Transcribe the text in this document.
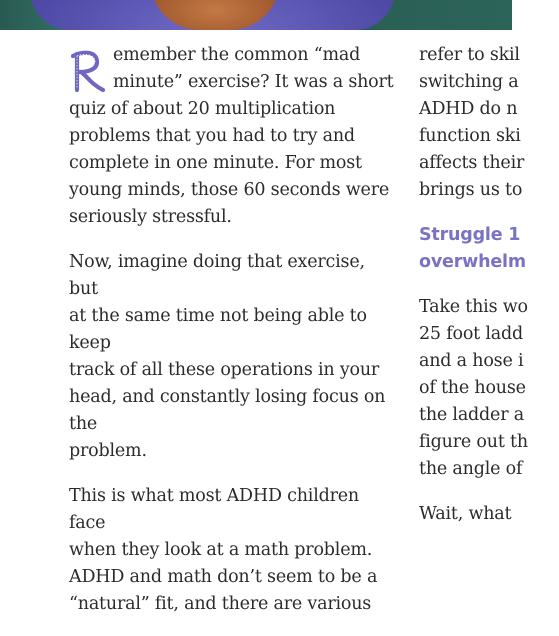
emember the common “mad
minute” exercise? It was a short
quiz of about 20 multiplication
problems that you had to try and
complete in one minute. For most
young minds, those 60 seconds were
seriously stressful.

Now, imagine doing that exercise, but
at the same time not being able to keep
track of all these operations in your
head, and constantly losing focus on the
problem.

This is what most ADHD children face
when they look at a math problem.
ADHD and math don’t seem to be a
“natural” fit, and there are various

refer to skil
switching a
ADHD do n
function ski
affects their
brings us to

Struggle 1
overwhelm

Take this wo
25 foot ladd
and a hose i
of the house
the ladder a
figure out th
the angle of

Wait, what
